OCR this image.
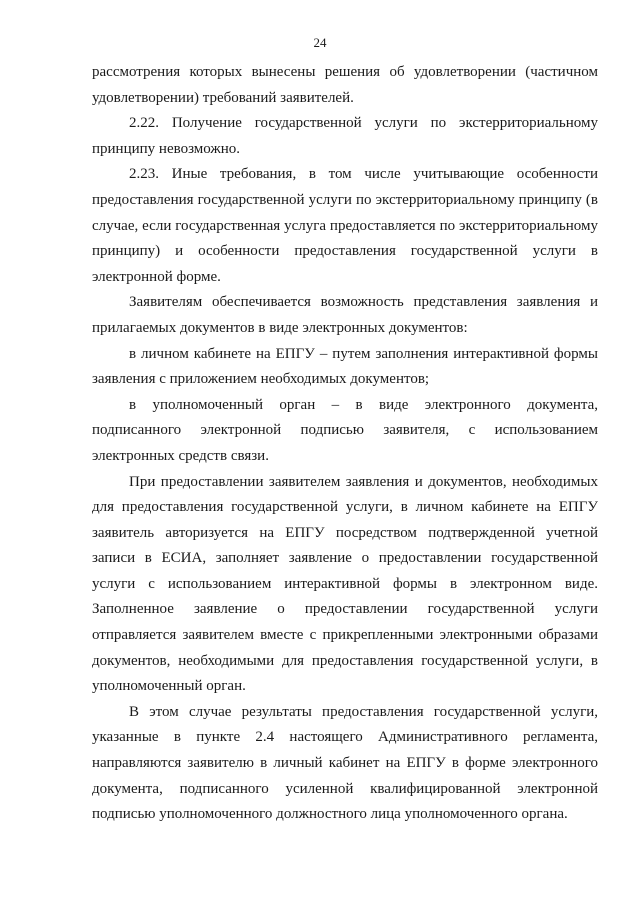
24

рассмотрения которых вынесены решения об удовлетворении (частичном удовлетворении) требований заявителей.

2.22. Получение государственной услуги по экстерриториальному принципу невозможно.

2.23. Иные требования, в том числе учитывающие особенности предоставления государственной услуги по экстерриториальному принципу (в случае, если государственная услуга предоставляется по экстерриториальному принципу) и особенности предоставления государственной услуги в электронной форме.

Заявителям обеспечивается возможность представления заявления и прилагаемых документов в виде электронных документов:

в личном кабинете на ЕПГУ – путем заполнения интерактивной формы заявления с приложением необходимых документов;

в уполномоченный орган – в виде электронного документа, подписанного электронной подписью заявителя, с использованием электронных средств связи.

При предоставлении заявителем заявления и документов, необходимых для предоставления государственной услуги, в личном кабинете на ЕПГУ заявитель авторизуется на ЕПГУ посредством подтвержденной учетной записи в ЕСИА, заполняет заявление о предоставлении государственной услуги с использованием интерактивной формы в электронном виде. Заполненное заявление о предоставлении государственной услуги отправляется заявителем вместе с прикрепленными электронными образами документов, необходимыми для предоставления государственной услуги, в уполномоченный орган.

В этом случае результаты предоставления государственной услуги, указанные в пункте 2.4 настоящего Административного регламента, направляются заявителю в личный кабинет на ЕПГУ в форме электронного документа, подписанного усиленной квалифицированной электронной подписью уполномоченного должностного лица уполномоченного органа.
